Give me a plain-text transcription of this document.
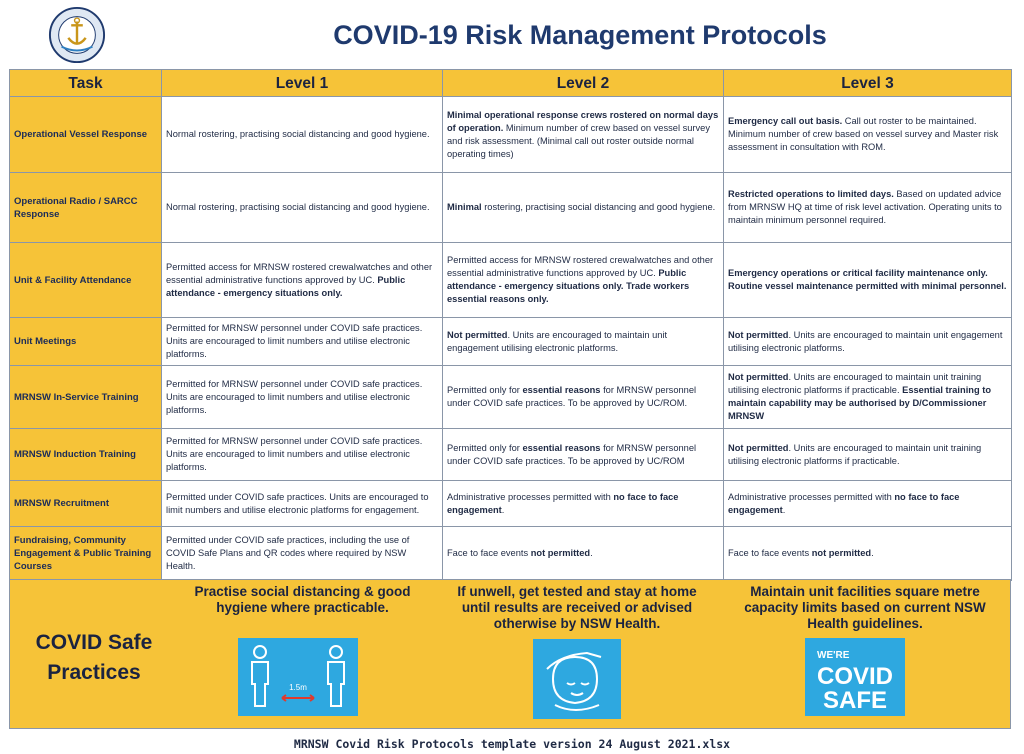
COVID-19 Risk Management Protocols
Task	Level 1	Level 2	Level 3
Operational Vessel Response	Normal rostering, practising social distancing and good hygiene.	Minimal operational response crews rostered on normal days of operation. Minimum number of crew based on vessel survey and risk assessment. (Minimal call out roster outside normal operating times)	Emergency call out basis. Call out roster to be maintained. Minimum number of crew based on vessel survey and Master risk assessment in consultation with ROM.
Operational Radio / SARCC Response	Normal rostering, practising social distancing and good hygiene.	Minimal rostering, practising social distancing and good hygiene.	Restricted operations to limited days. Based on updated advice from MRNSW HQ at time of risk level activation. Operating units to maintain minimum personnel required.
Unit & Facility Attendance	Permitted access for MRNSW rostered crewaIwatches and other essential administrative functions approved by UC. Public attendance - emergency situations only.	Permitted access for MRNSW rostered crewaIwatches and other essential administrative functions approved by UC. Public attendance - emergency situations only. Trade workers essential reasons only.	Emergency operations or critical facility maintenance only. Routine vessel maintenance permitted with minimal personnel.
Unit Meetings	Permitted for MRNSW personnel under COVID safe practices. Units are encouraged to limit numbers and utilise electronic platforms.	Not permitted. Units are encouraged to maintain unit engagement utilising electronic platforms.	Not permitted. Units are encouraged to maintain unit engagement utilising electronic platforms.
MRNSW In-Service Training	Permitted for MRNSW personnel under COVID safe practices. Units are encouraged to limit numbers and utilise electronic platforms.	Permitted only for essential reasons for MRNSW personnel under COVID safe practices. To be approved by UC/ROM.	Not permitted. Units are encouraged to maintain unit training utilising electronic platforms if practicable. Essential training to maintain capability may be authorised by D/Commissioner MRNSW
MRNSW Induction Training	Permitted for MRNSW personnel under COVID safe practices. Units are encouraged to limit numbers and utilise electronic platforms.	Permitted only for essential reasons for MRNSW personnel under COVID safe practices. To be approved by UC/ROM	Not permitted. Units are encouraged to maintain unit training utilising electronic platforms if practicable.
MRNSW Recruitment	Permitted under COVID safe practices. Units are encouraged to limit numbers and utilise electronic platforms for engagement.	Administrative processes permitted with no face to face engagement.	Administrative processes permitted with no face to face engagement.
Fundraising, Community Engagement & Public Training Courses	Permitted under COVID safe practices, including the use of COVID Safe Plans and QR codes where required by NSW Health.	Face to face events not permitted.	Face to face events not permitted.
COVID Safe Practices
Practise social distancing & good hygiene where practicable.
If unwell, get tested and stay at home until results are received or advised otherwise by NSW Health.
Maintain unit facilities square metre capacity limits based on current NSW Health guidelines.
1.5m
WE'RE
COVID
SAFE
MRNSW Covid Risk Protocols template version 24 August 2021.xlsx
